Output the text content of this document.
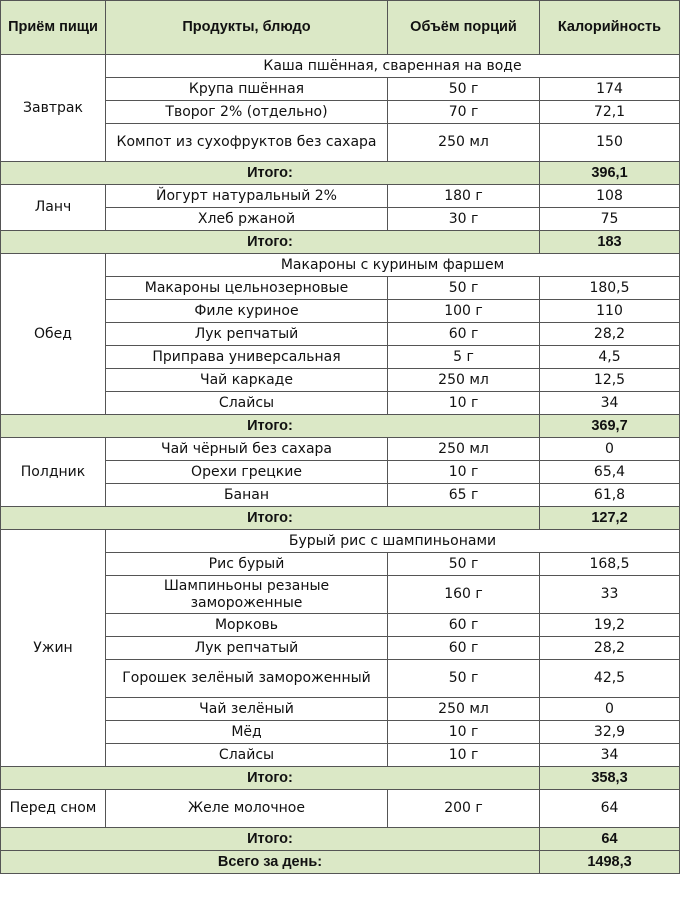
Приём пищи	Продукты, блюдо	Объём порций	Калорийность
Завтрак	Каша пшённая, сваренная на воде		
	Крупа пшённая	50 г	174
	Творог 2% (отдельно)	70 г	72,1
	Компот из сухофруктов без сахара	250 мл	150
Итого:			396,1
Ланч	Йогурт натуральный 2%	180 г	108
	Хлеб ржаной	30 г	75
Итого:			183
Обед	Макароны с куриным фаршем		
	Макароны цельнозерновые	50 г	180,5
	Филе куриное	100 г	110
	Лук репчатый	60 г	28,2
	Приправа универсальная	5 г	4,5
	Чай каркаде	250 мл	12,5
	Слайсы	10 г	34
Итого:			369,7
Полдник	Чай чёрный без сахара	250 мл	0
	Орехи грецкие	10 г	65,4
	Банан	65 г	61,8
Итого:			127,2
Ужин	Бурый рис с шампиньонами		
	Рис бурый	50 г	168,5
	Шампиньоны резаные замороженные	160 г	33
	Морковь	60 г	19,2
	Лук репчатый	60 г	28,2
	Горошек зелёный замороженный	50 г	42,5
	Чай зелёный	250 мл	0
	Мёд	10 г	32,9
	Слайсы	10 г	34
Итого:			358,3
Перед сном	Желе молочное	200 г	64
Итого:			64
Всего за день:			1498,3
